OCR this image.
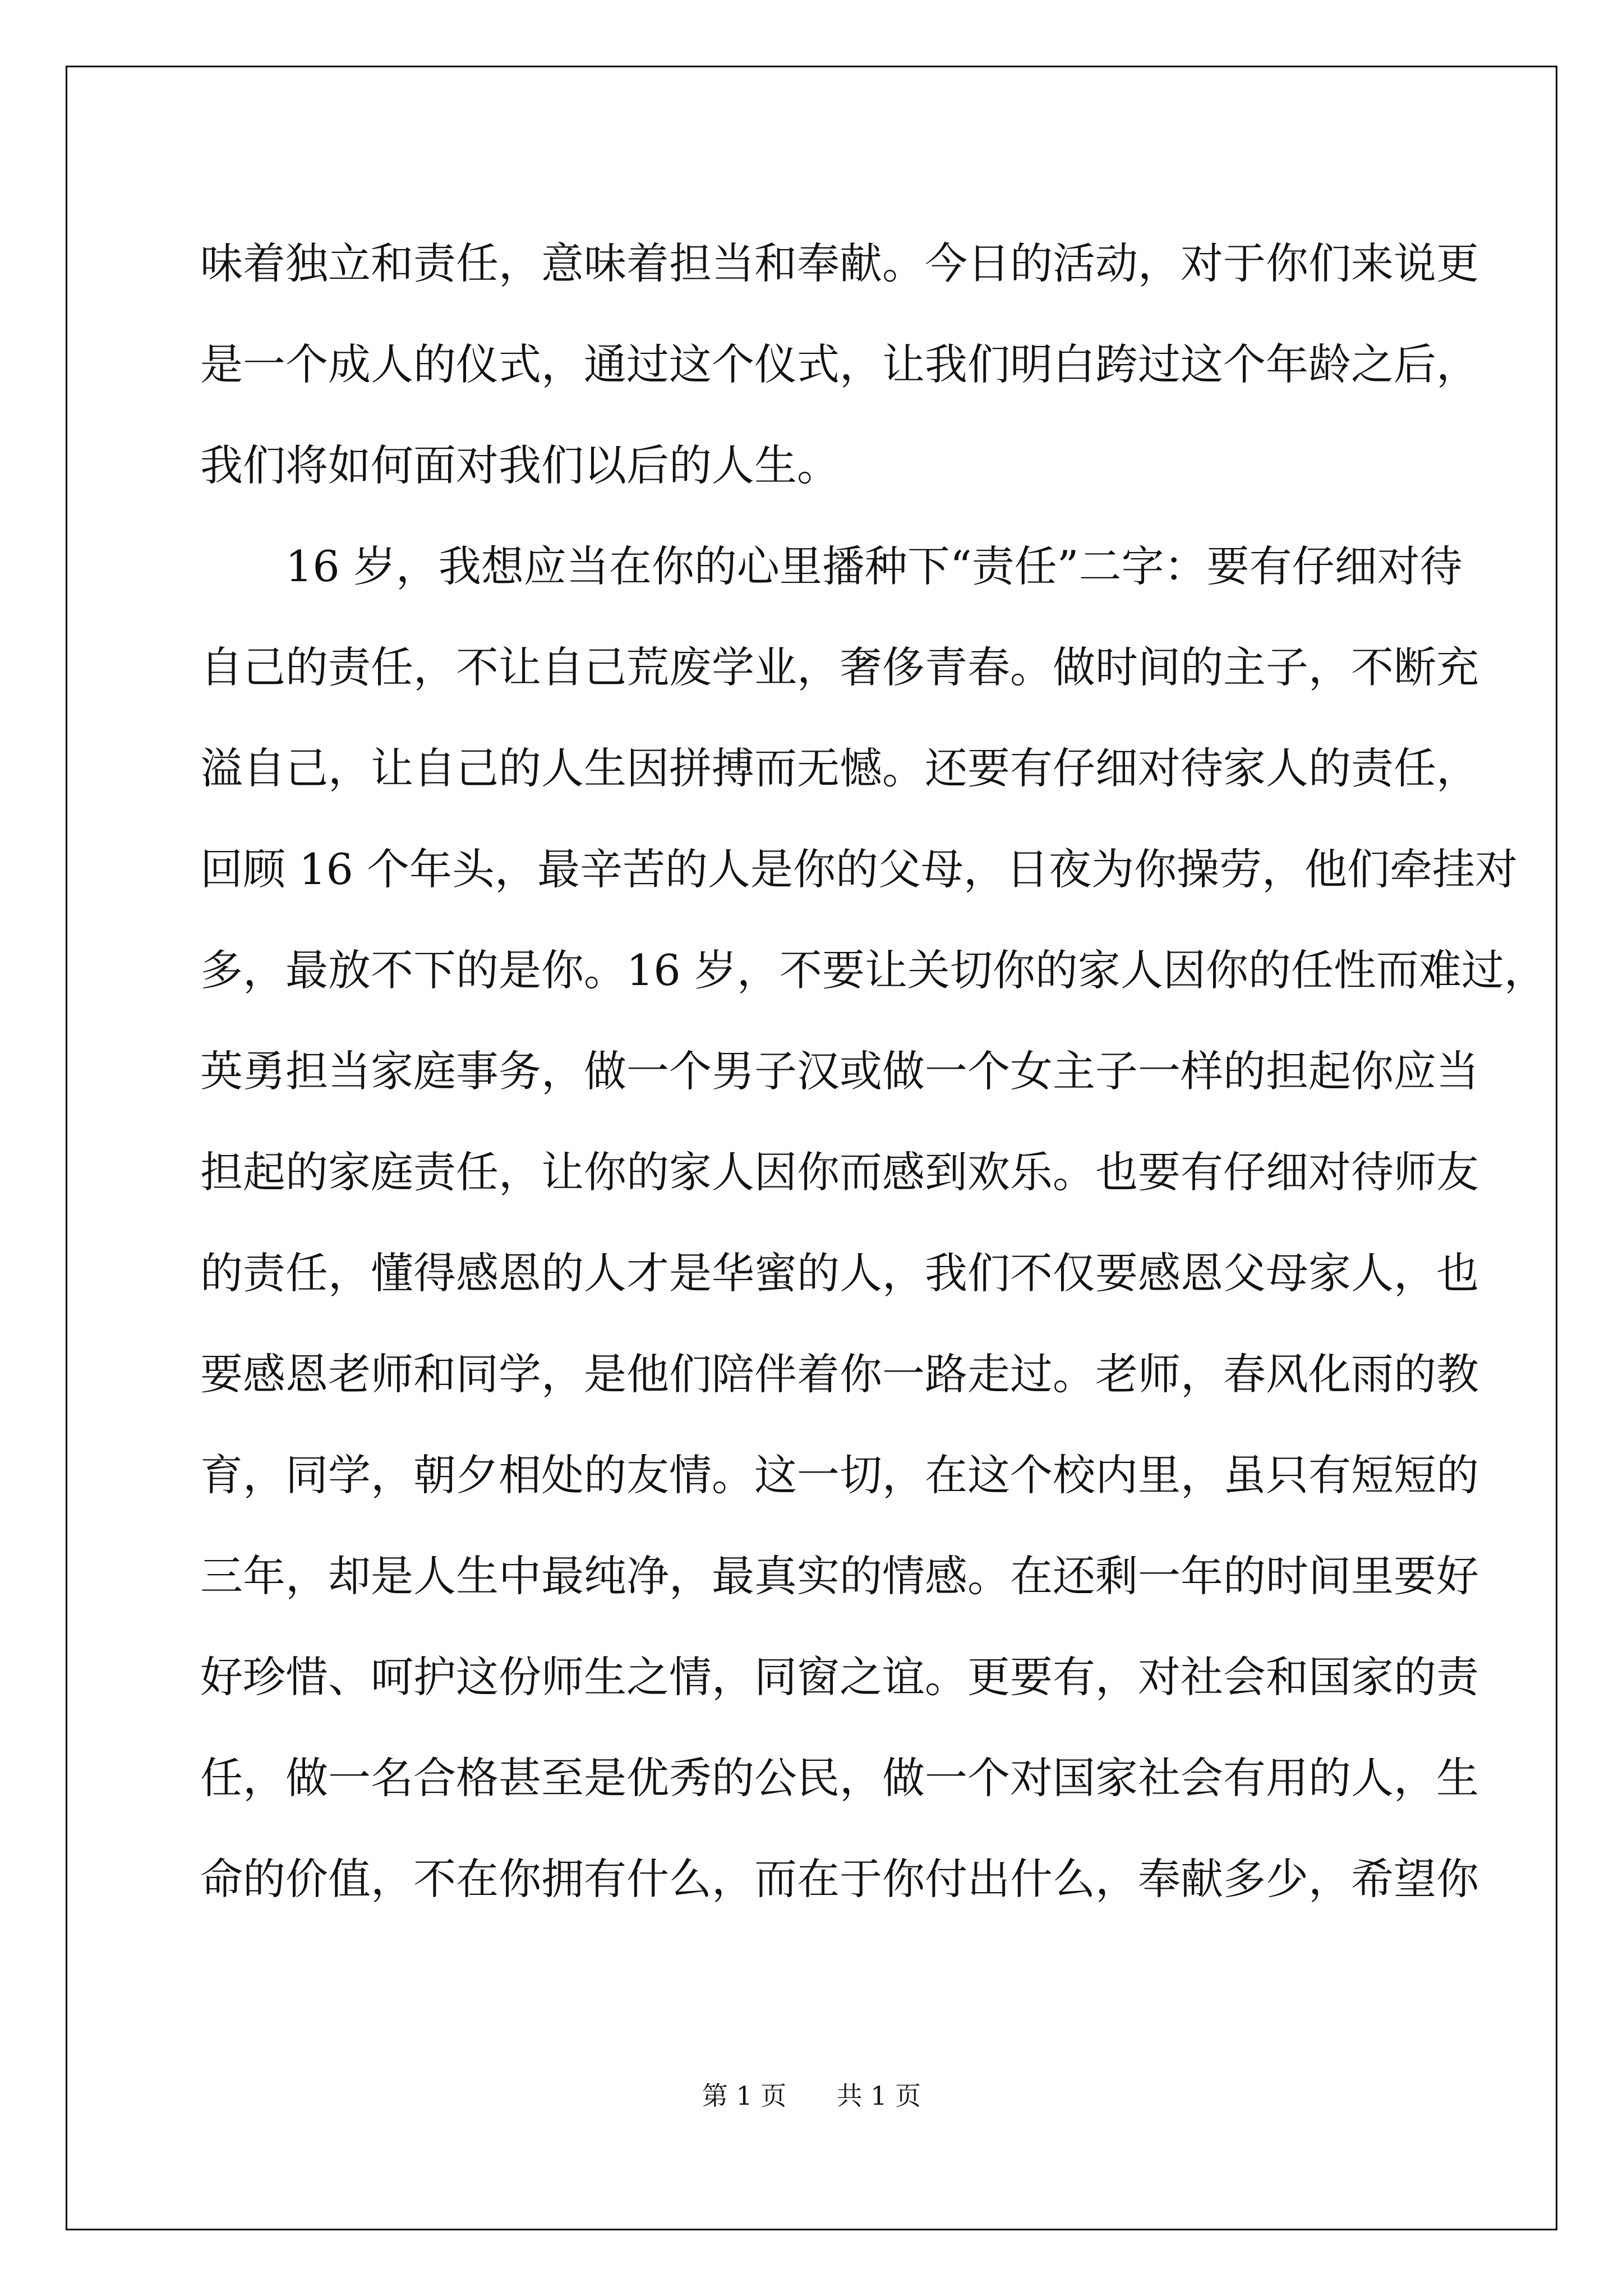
味着独立和责任，意味着担当和奉献。今日的活动，对于你们来说更
是一个成人的仪式，通过这个仪式，让我们明白跨过这个年龄之后，
我们将如何面对我们以后的人生。
　　16 岁，我想应当在你的心里播种下“责任”二字：要有仔细对待
自己的责任，不让自己荒废学业，奢侈青春。做时间的主子，不断充
溢自己，让自己的人生因拼搏而无憾。还要有仔细对待家人的责任，
回顾 16 个年头，最辛苦的人是你的父母，日夜为你操劳，他们牵挂对
多，最放不下的是你。16 岁，不要让关切你的家人因你的任性而难过，
英勇担当家庭事务，做一个男子汉或做一个女主子一样的担起你应当
担起的家庭责任，让你的家人因你而感到欢乐。也要有仔细对待师友
的责任，懂得感恩的人才是华蜜的人，我们不仅要感恩父母家人，也
要感恩老师和同学，是他们陪伴着你一路走过。老师，春风化雨的教
育，同学，朝夕相处的友情。这一切，在这个校内里，虽只有短短的
三年，却是人生中最纯净，最真实的情感。在还剩一年的时间里要好
好珍惜、呵护这份师生之情，同窗之谊。更要有，对社会和国家的责
任，做一名合格甚至是优秀的公民，做一个对国家社会有用的人，生
命的价值，不在你拥有什么，而在于你付出什么，奉献多少，希望你
第 1 页 共 1 页
